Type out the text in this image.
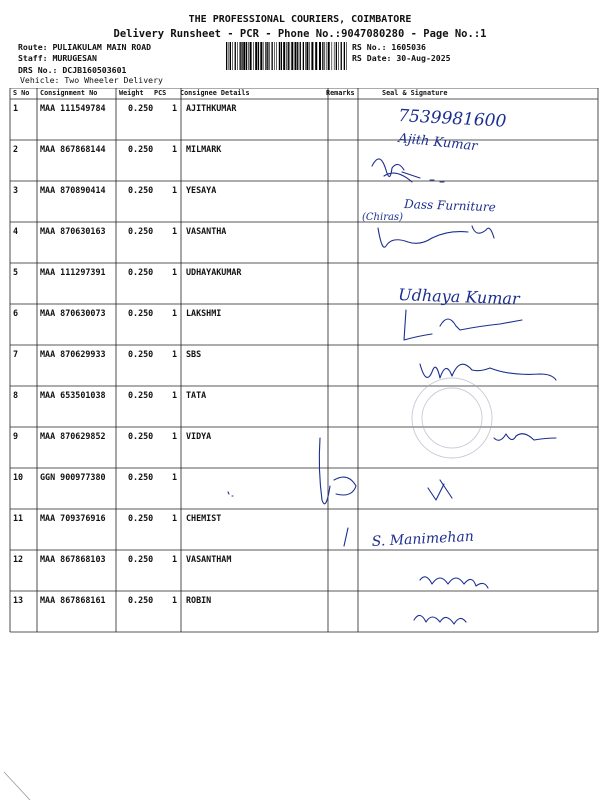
THE PROFESSIONAL COURIERS, COIMBATORE
Delivery Runsheet - PCR - Phone No.:9047080280 - Page No.:1
Route: PULIAKULAM MAIN ROAD
Staff: MURUGESAN
DRS No.: DCJB160503601
Vehicle: Two Wheeler Delivery
RS No.: 1605036
RS Date: 30-Aug-2025
S No Consignment No	Weight PCS Consignee Details	Remarks	Seal & Signature
1	MAA 111549784	0.250 1 AJITHKUMAR
2	MAA 867868144	0.250 1 MILMARK
3	MAA 870890414	0.250 1 YESAYA
4	MAA 870630163	0.250 1 VASANTHA
5	MAA 111297391	0.250 1 UDHAYAKUMAR
6	MAA 870630073	0.250 1 LAKSHMI
7	MAA 870629933	0.250 1 SBS
8	MAA 653501038	0.250 1 TATA
9	MAA 870629852	0.250 1 VIDYA
10 GGN 900977380	0.250 1
11 MAA 709376916	0.250 1 CHEMIST
12 MAA 867868103	0.250 1 VASANTHAM
13 MAA 867868161	0.250 1 ROBIN
7539981600
Ajith Kumar
Dass Furniture
(Chiras)
Udhaya Kumar
S. Manimehan
